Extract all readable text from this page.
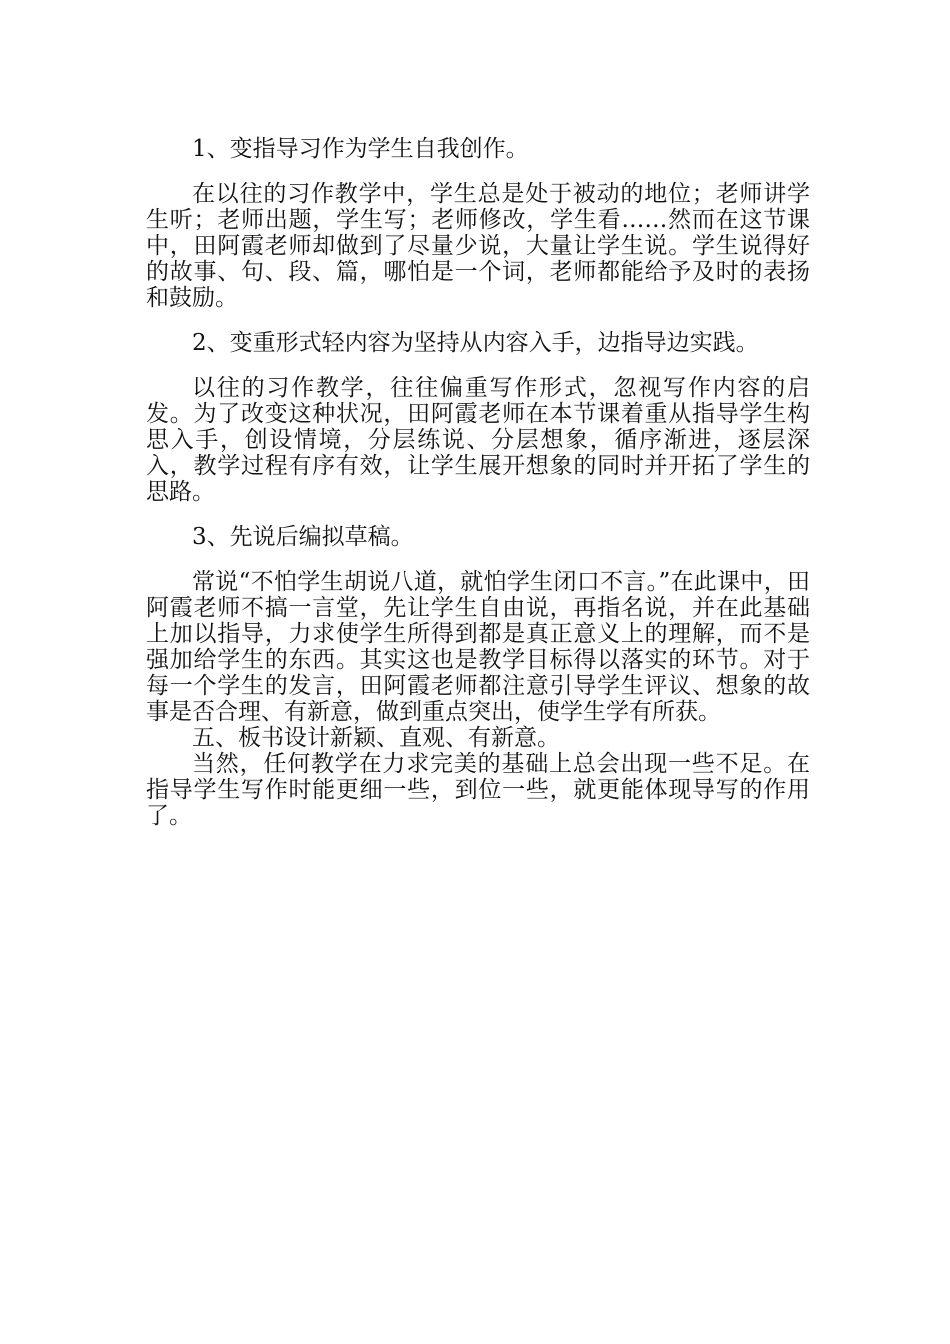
1、变指导习作为学生自我创作。

在以往的习作教学中，学生总是处于被动的地位；老师讲学生听；老师出题，学生写；老师修改，学生看……然而在这节课中，田阿霞老师却做到了尽量少说，大量让学生说。学生说得好的故事、句、段、篇，哪怕是一个词，老师都能给予及时的表扬和鼓励。

2、变重形式轻内容为坚持从内容入手，边指导边实践。

以往的习作教学，往往偏重写作形式，忽视写作内容的启发。为了改变这种状况，田阿霞老师在本节课着重从指导学生构思入手，创设情境，分层练说、分层想象，循序渐进，逐层深入，教学过程有序有效，让学生展开想象的同时并开拓了学生的思路。

3、先说后编拟草稿。

常说“不怕学生胡说八道，就怕学生闭口不言。”在此课中，田阿霞老师不搞一言堂，先让学生自由说，再指名说，并在此基础上加以指导，力求使学生所得到都是真正意义上的理解，而不是强加给学生的东西。其实这也是教学目标得以落实的环节。对于每一个学生的发言，田阿霞老师都注意引导学生评议、想象的故事是否合理、有新意，做到重点突出，使学生学有所获。

五、板书设计新颖、直观、有新意。

当然，任何教学在力求完美的基础上总会出现一些不足。在指导学生写作时能更细一些，到位一些，就更能体现导写的作用了。
